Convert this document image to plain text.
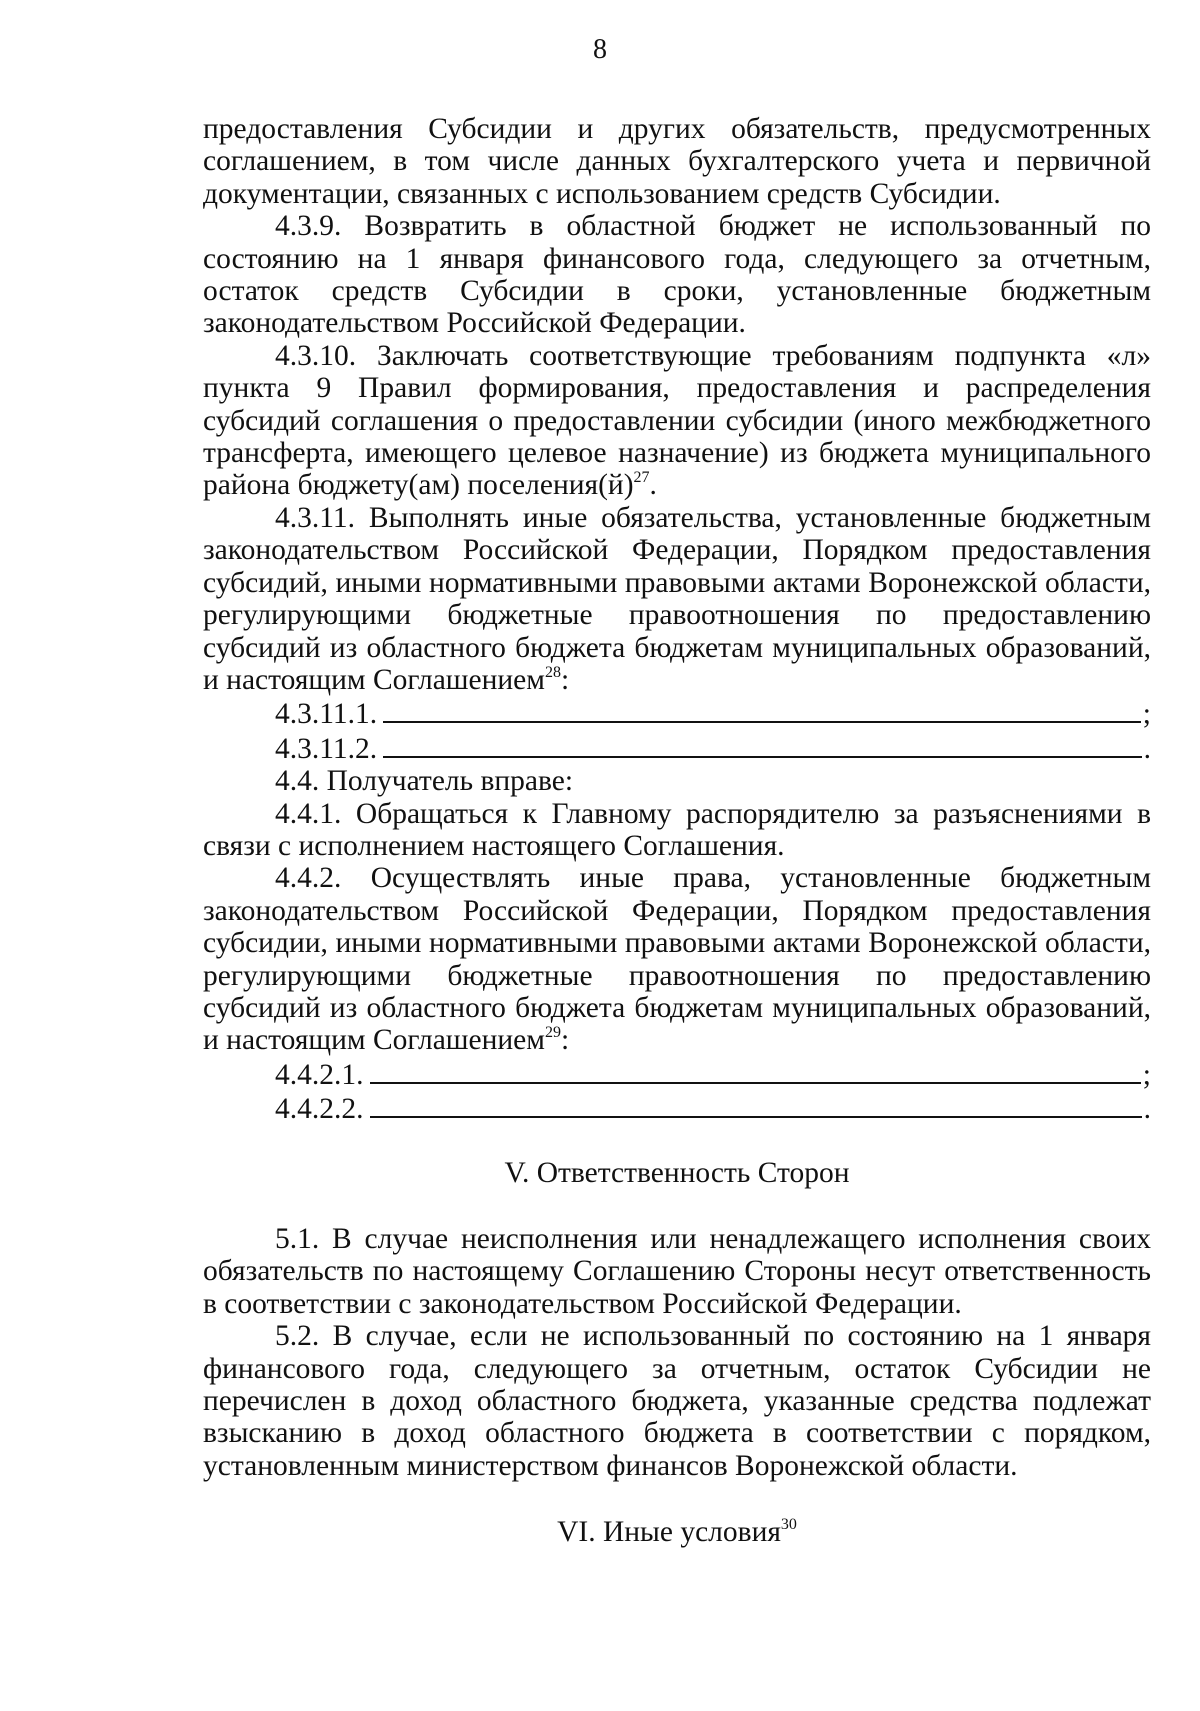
8

предоставления Субсидии и других обязательств, предусмотренных соглашением, в том числе данных бухгалтерского учета и первичной документации, связанных с использованием средств Субсидии.

4.3.9. Возвратить в областной бюджет не использованный по состоянию на 1 января финансового года, следующего за отчетным, остаток средств Субсидии в сроки, установленные бюджетным законодательством Российской Федерации.

4.3.10. Заключать соответствующие требованиям подпункта «л» пункта 9 Правил формирования, предоставления и распределения субсидий соглашения о предоставлении субсидии (иного межбюджетного трансферта, имеющего целевое назначение) из бюджета муниципального района бюджету(ам) $поселения(й)^{27}$.

4.3.11. Выполнять иные обязательства, установленные бюджетным законодательством Российской Федерации, Порядком предоставления субсидий, иными нормативными правовыми актами Воронежской области, регулирующими бюджетные правоотношения по предоставлению субсидий из областного бюджета бюджетам муниципальных образований, и настоящим Соглашением$^{28}$:

4.3.11.1.	;
4.3.11.2.	.

4.4. Получатель вправе:

4.4.1. Обращаться к Главному распорядителю за разъяснениями в связи с исполнением настоящего Соглашения.

4.4.2. Осуществлять иные права, установленные бюджетным законодательством Российской Федерации, Порядком предоставления субсидии, иными нормативными правовыми актами Воронежской области, регулирующими бюджетные правоотношения по предоставлению субсидий из областного бюджета бюджетам муниципальных образований, и настоящим Соглашением$^{29}$:

4.4.2.1.	;
4.4.2.2.	.

V. Ответственность Сторон

5.1. В случае неисполнения или ненадлежащего исполнения своих обязательств по настоящему Соглашению Стороны несут ответственность в соответствии с законодательством Российской Федерации.

5.2. В случае, если не использованный по состоянию на 1 января финансового года, следующего за отчетным, остаток Субсидии не перечислен в доход областного бюджета, указанные средства подлежат взысканию в доход областного бюджета в соответствии с порядком, установленным министерством финансов Воронежской области.

VI. Иные условия$^{30}$
